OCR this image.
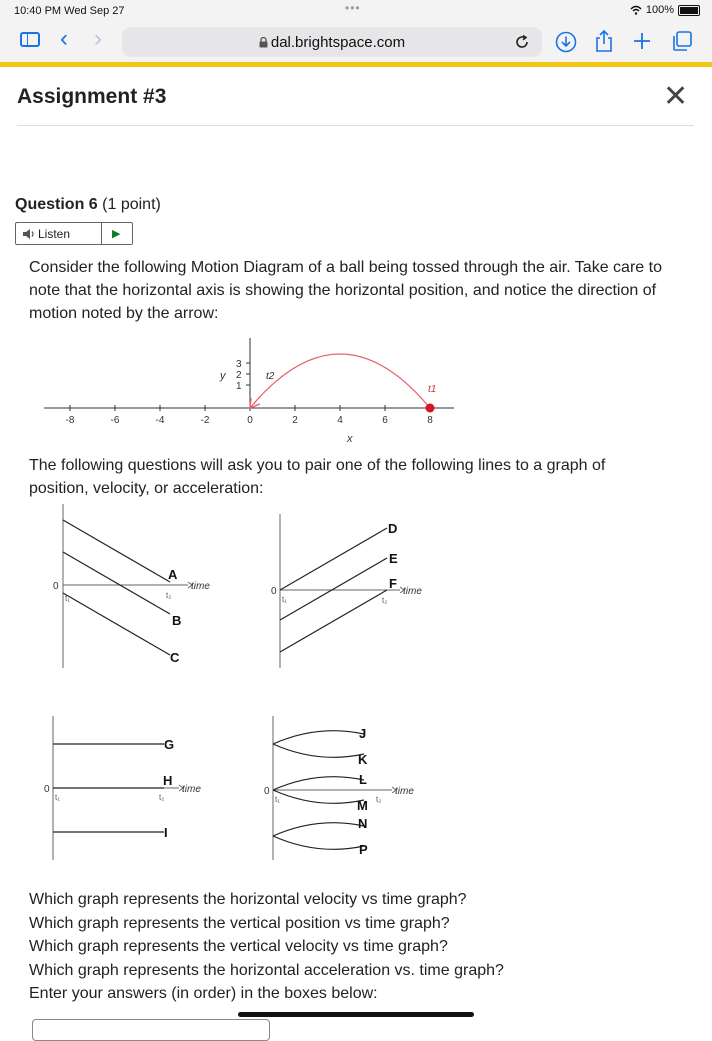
10:40 PM Wed Sep 27	•••	100%
‹ ›	dal.brightspace.com
Assignment #3	✕
Question 6 (1 point)
Listen	▶
Consider the following Motion Diagram of a ball being tossed through the air. Take care to note that the horizontal axis is showing the horizontal position, and notice the direction of motion noted by the arrow:
-8	-6	-4	-2	0	2	4	6	8
3
2
1
t2
t1
y
x
The following questions will ask you to pair one of the following lines to a graph of position, velocity, or acceleration:
0
t₁	t₂
time
A
B
C
0
t₁	t₂
time
D
E
F
0
t₁	t₂
time
G
H
I
0
t₁	t₂
time
J
K
L
M
N
P
Which graph represents the horizontal velocity vs time graph?
Which graph represents the vertical position vs time graph?
Which graph represents the vertical velocity vs time graph?
Which graph represents the horizontal acceleration vs. time graph?
Enter your answers (in order) in the boxes below:
